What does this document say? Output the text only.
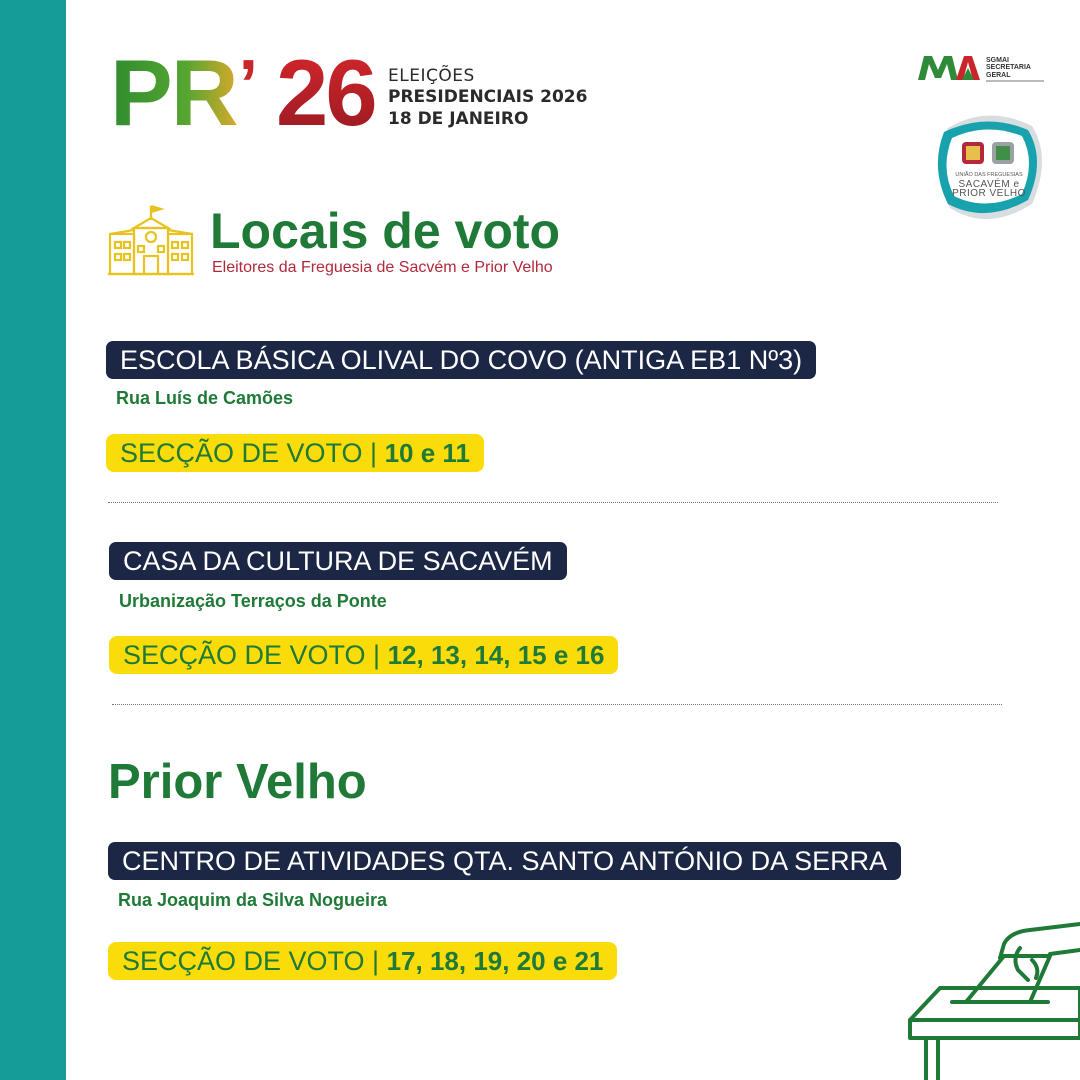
PR ’ 26 ELEIÇÕES
PRESIDENCIAIS 2026
18 DE JANEIRO
SGMAI
SECRETARIA
GERAL
UNIÃO DAS FREGUESIAS
SACAVÉM e
PRIOR VELHO
Locais de voto
Eleitores da Freguesia de Sacvém e Prior Velho
ESCOLA BÁSICA OLIVAL DO COVO (ANTIGA EB1 Nº3)
Rua Luís de Camões
SECÇÃO DE VOTO | 10 e 11
CASA DA CULTURA DE SACAVÉM
Urbanização Terraços da Ponte
SECÇÃO DE VOTO | 12, 13, 14, 15 e 16
Prior Velho
CENTRO DE ATIVIDADES QTA. SANTO ANTÓNIO DA SERRA
Rua Joaquim da Silva Nogueira
SECÇÃO DE VOTO | 17, 18, 19, 20 e 21
